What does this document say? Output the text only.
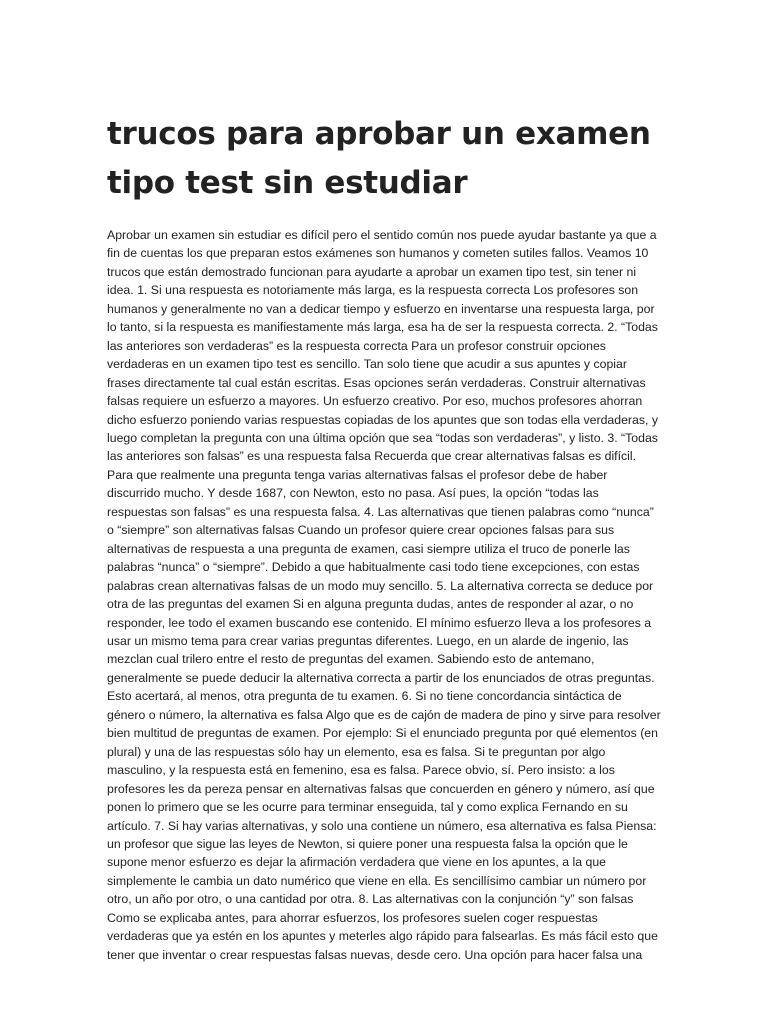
trucos para aprobar un examen tipo test sin estudiar

Aprobar un examen sin estudiar es difícil pero el sentido común nos puede ayudar bastante ya que a fin de cuentas los que preparan estos exámenes son humanos y cometen sutiles fallos. Veamos 10 trucos que están demostrado funcionan para ayudarte a aprobar un examen tipo test, sin tener ni idea. 1. Si una respuesta es notoriamente más larga, es la respuesta correcta Los profesores son humanos y generalmente no van a dedicar tiempo y esfuerzo en inventarse una respuesta larga, por lo tanto, si la respuesta es manifiestamente más larga, esa ha de ser la respuesta correcta. 2. “Todas las anteriores son verdaderas” es la respuesta correcta Para un profesor construir opciones verdaderas en un examen tipo test es sencillo. Tan solo tiene que acudir a sus apuntes y copiar frases directamente tal cual están escritas. Esas opciones serán verdaderas. Construir alternativas falsas requiere un esfuerzo a mayores. Un esfuerzo creativo. Por eso, muchos profesores ahorran dicho esfuerzo poniendo varias respuestas copiadas de los apuntes que son todas ella verdaderas, y luego completan la pregunta con una última opción que sea “todas son verdaderas”, y listo. 3. “Todas las anteriores son falsas” es una respuesta falsa Recuerda que crear alternativas falsas es difícil. Para que realmente una pregunta tenga varias alternativas falsas el profesor debe de haber discurrido mucho. Y desde 1687, con Newton, esto no pasa. Así pues, la opción “todas las respuestas son falsas” es una respuesta falsa. 4. Las alternativas que tienen palabras como “nunca” o “siempre” son alternativas falsas Cuando un profesor quiere crear opciones falsas para sus alternativas de respuesta a una pregunta de examen, casi siempre utiliza el truco de ponerle las palabras “nunca” o “siempre”. Debido a que habitualmente casi todo tiene excepciones, con estas palabras crean alternativas falsas de un modo muy sencillo. 5. La alternativa correcta se deduce por otra de las preguntas del examen Si en alguna pregunta dudas, antes de responder al azar, o no responder, lee todo el examen buscando ese contenido. El mínimo esfuerzo lleva a los profesores a usar un mismo tema para crear varias preguntas diferentes. Luego, en un alarde de ingenio, las mezclan cual trilero entre el resto de preguntas del examen. Sabiendo esto de antemano, generalmente se puede deducir la alternativa correcta a partir de los enunciados de otras preguntas. Esto acertará, al menos, otra pregunta de tu examen. 6. Si no tiene concordancia sintáctica de género o número, la alternativa es falsa Algo que es de cajón de madera de pino y sirve para resolver bien multitud de preguntas de examen. Por ejemplo: Si el enunciado pregunta por qué elementos (en plural) y una de las respuestas sólo hay un elemento, esa es falsa. Si te preguntan por algo masculino, y la respuesta está en femenino, esa es falsa. Parece obvio, sí. Pero insisto: a los profesores les da pereza pensar en alternativas falsas que concuerden en género y número, así que ponen lo primero que se les ocurre para terminar enseguida, tal y como explica Fernando en su artículo. 7. Si hay varias alternativas, y solo una contiene un número, esa alternativa es falsa Piensa: un profesor que sigue las leyes de Newton, si quiere poner una respuesta falsa la opción que le supone menor esfuerzo es dejar la afirmación verdadera que viene en los apuntes, a la que simplemente le cambia un dato numérico que viene en ella. Es sencillísimo cambiar un número por otro, un año por otro, o una cantidad por otra. 8. Las alternativas con la conjunción “y” son falsas Como se explicaba antes, para ahorrar esfuerzos, los profesores suelen coger respuestas verdaderas que ya estén en los apuntes y meterles algo rápido para falsearlas. Es más fácil esto que tener que inventar o crear respuestas falsas nuevas, desde cero. Una opción para hacer falsa una
